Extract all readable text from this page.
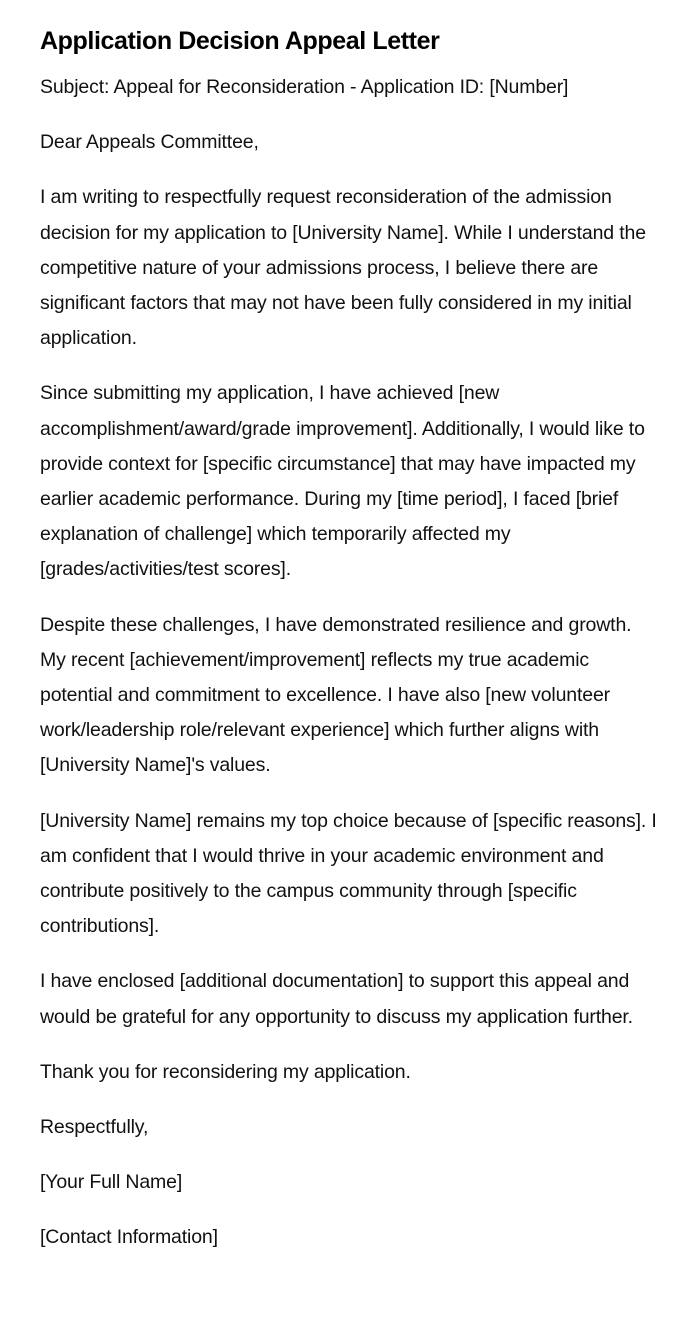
Application Decision Appeal Letter

Subject: Appeal for Reconsideration - Application ID: [Number]

Dear Appeals Committee,

I am writing to respectfully request reconsideration of the admission decision for my application to [University Name]. While I understand the competitive nature of your admissions process, I believe there are significant factors that may not have been fully considered in my initial application.

Since submitting my application, I have achieved [new accomplishment/award/grade improvement]. Additionally, I would like to provide context for [specific circumstance] that may have impacted my earlier academic performance. During my [time period], I faced [brief explanation of challenge] which temporarily affected my [grades/activities/test scores].

Despite these challenges, I have demonstrated resilience and growth. My recent [achievement/improvement] reflects my true academic potential and commitment to excellence. I have also [new volunteer work/leadership role/relevant experience] which further aligns with [University Name]'s values.

[University Name] remains my top choice because of [specific reasons]. I am confident that I would thrive in your academic environment and contribute positively to the campus community through [specific contributions].

I have enclosed [additional documentation] to support this appeal and would be grateful for any opportunity to discuss my application further.

Thank you for reconsidering my application.

Respectfully,

[Your Full Name]

[Contact Information]
